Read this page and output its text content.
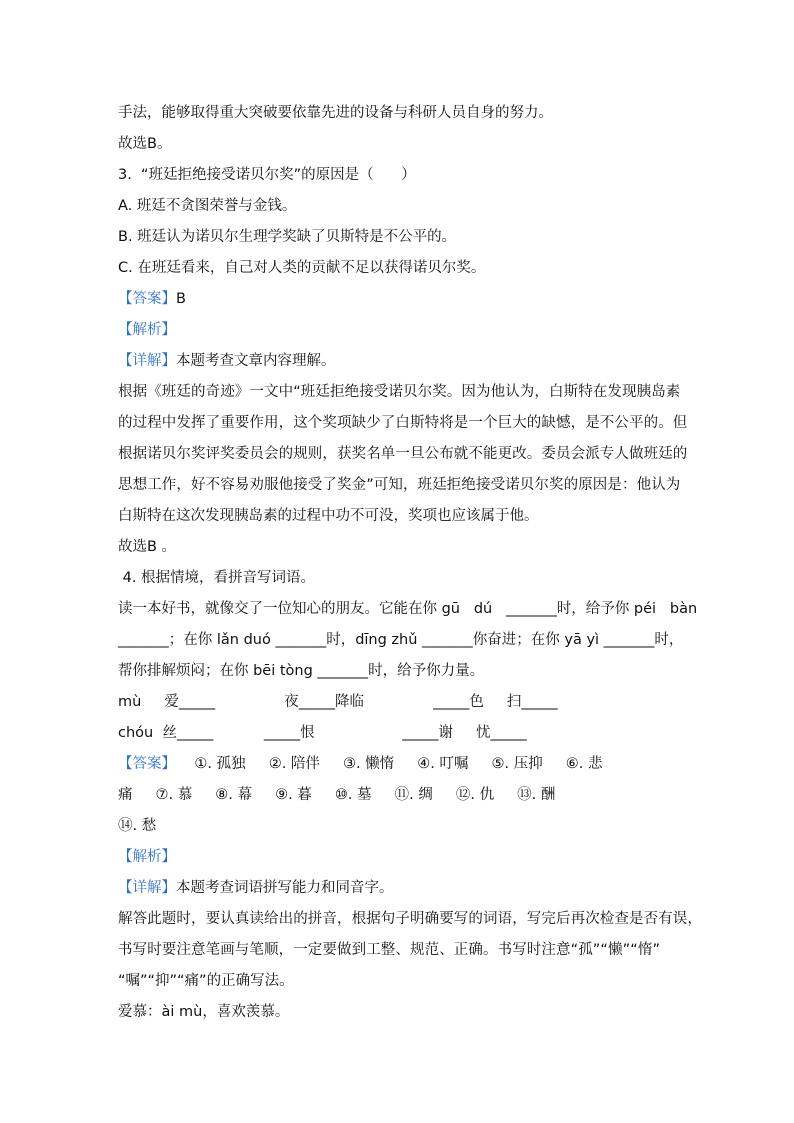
手法，能够取得重大突破要依靠先进的设备与科研人员自身的努力。
故选B。
3.  “班廷拒绝接受诺贝尔奖”的原因是（      ）
A. 班廷不贪图荣誉与金钱。
B. 班廷认为诺贝尔生理学奖缺了贝斯特是不公平的。
C. 在班廷看来，自己对人类的贡献不足以获得诺贝尔奖。
【答案】B
【解析】
【详解】本题考查文章内容理解。
根据《班廷的奇迹》一文中“班廷拒绝接受诺贝尔奖。因为他认为，白斯特在发现胰岛素
的过程中发挥了重要作用，这个奖项缺少了白斯特将是一个巨大的缺憾，是不公平的。但
根据诺贝尔奖评奖委员会的规则，获奖名单一旦公布就不能更改。委员会派专人做班廷的
思想工作，好不容易劝服他接受了奖金”可知，班廷拒绝接受诺贝尔奖的原因是：他认为
白斯特在这次发现胰岛素的过程中功不可没，奖项也应该属于他。
故选B 。
4. 根据情境，看拼音写词语。
读一本好书，就像交了一位知心的朋友。它能在你 gū   dú   _______时，给予你 péi   bàn
_______；在你 lǎn duó _______时，dīng zhǔ _______你奋进；在你 yā yì _______时，
帮你排解烦闷；在你 bēi tòng _______时，给予你力量。
mù     爱_____               夜_____降临               _____色     扫_____
chóu  丝_____           _____恨                   _____谢     忧_____
【答案】    ①. 孤独     ②. 陪伴     ③. 懒惰     ④. 叮嘱     ⑤. 压抑     ⑥. 悲
痛     ⑦. 慕     ⑧. 幕     ⑨. 暮     ⑩. 墓     ⑪. 绸     ⑫. 仇     ⑬. 酬
⑭. 愁
【解析】
【详解】本题考查词语拼写能力和同音字。
解答此题时，要认真读给出的拼音，根据句子明确要写的词语，写完后再次检查是否有误，
书写时要注意笔画与笔顺，一定要做到工整、规范、正确。书写时注意“孤”“懒”“惰”
“嘱”“抑”“痛”的正确写法。
爱慕：ài mù，喜欢羡慕。
